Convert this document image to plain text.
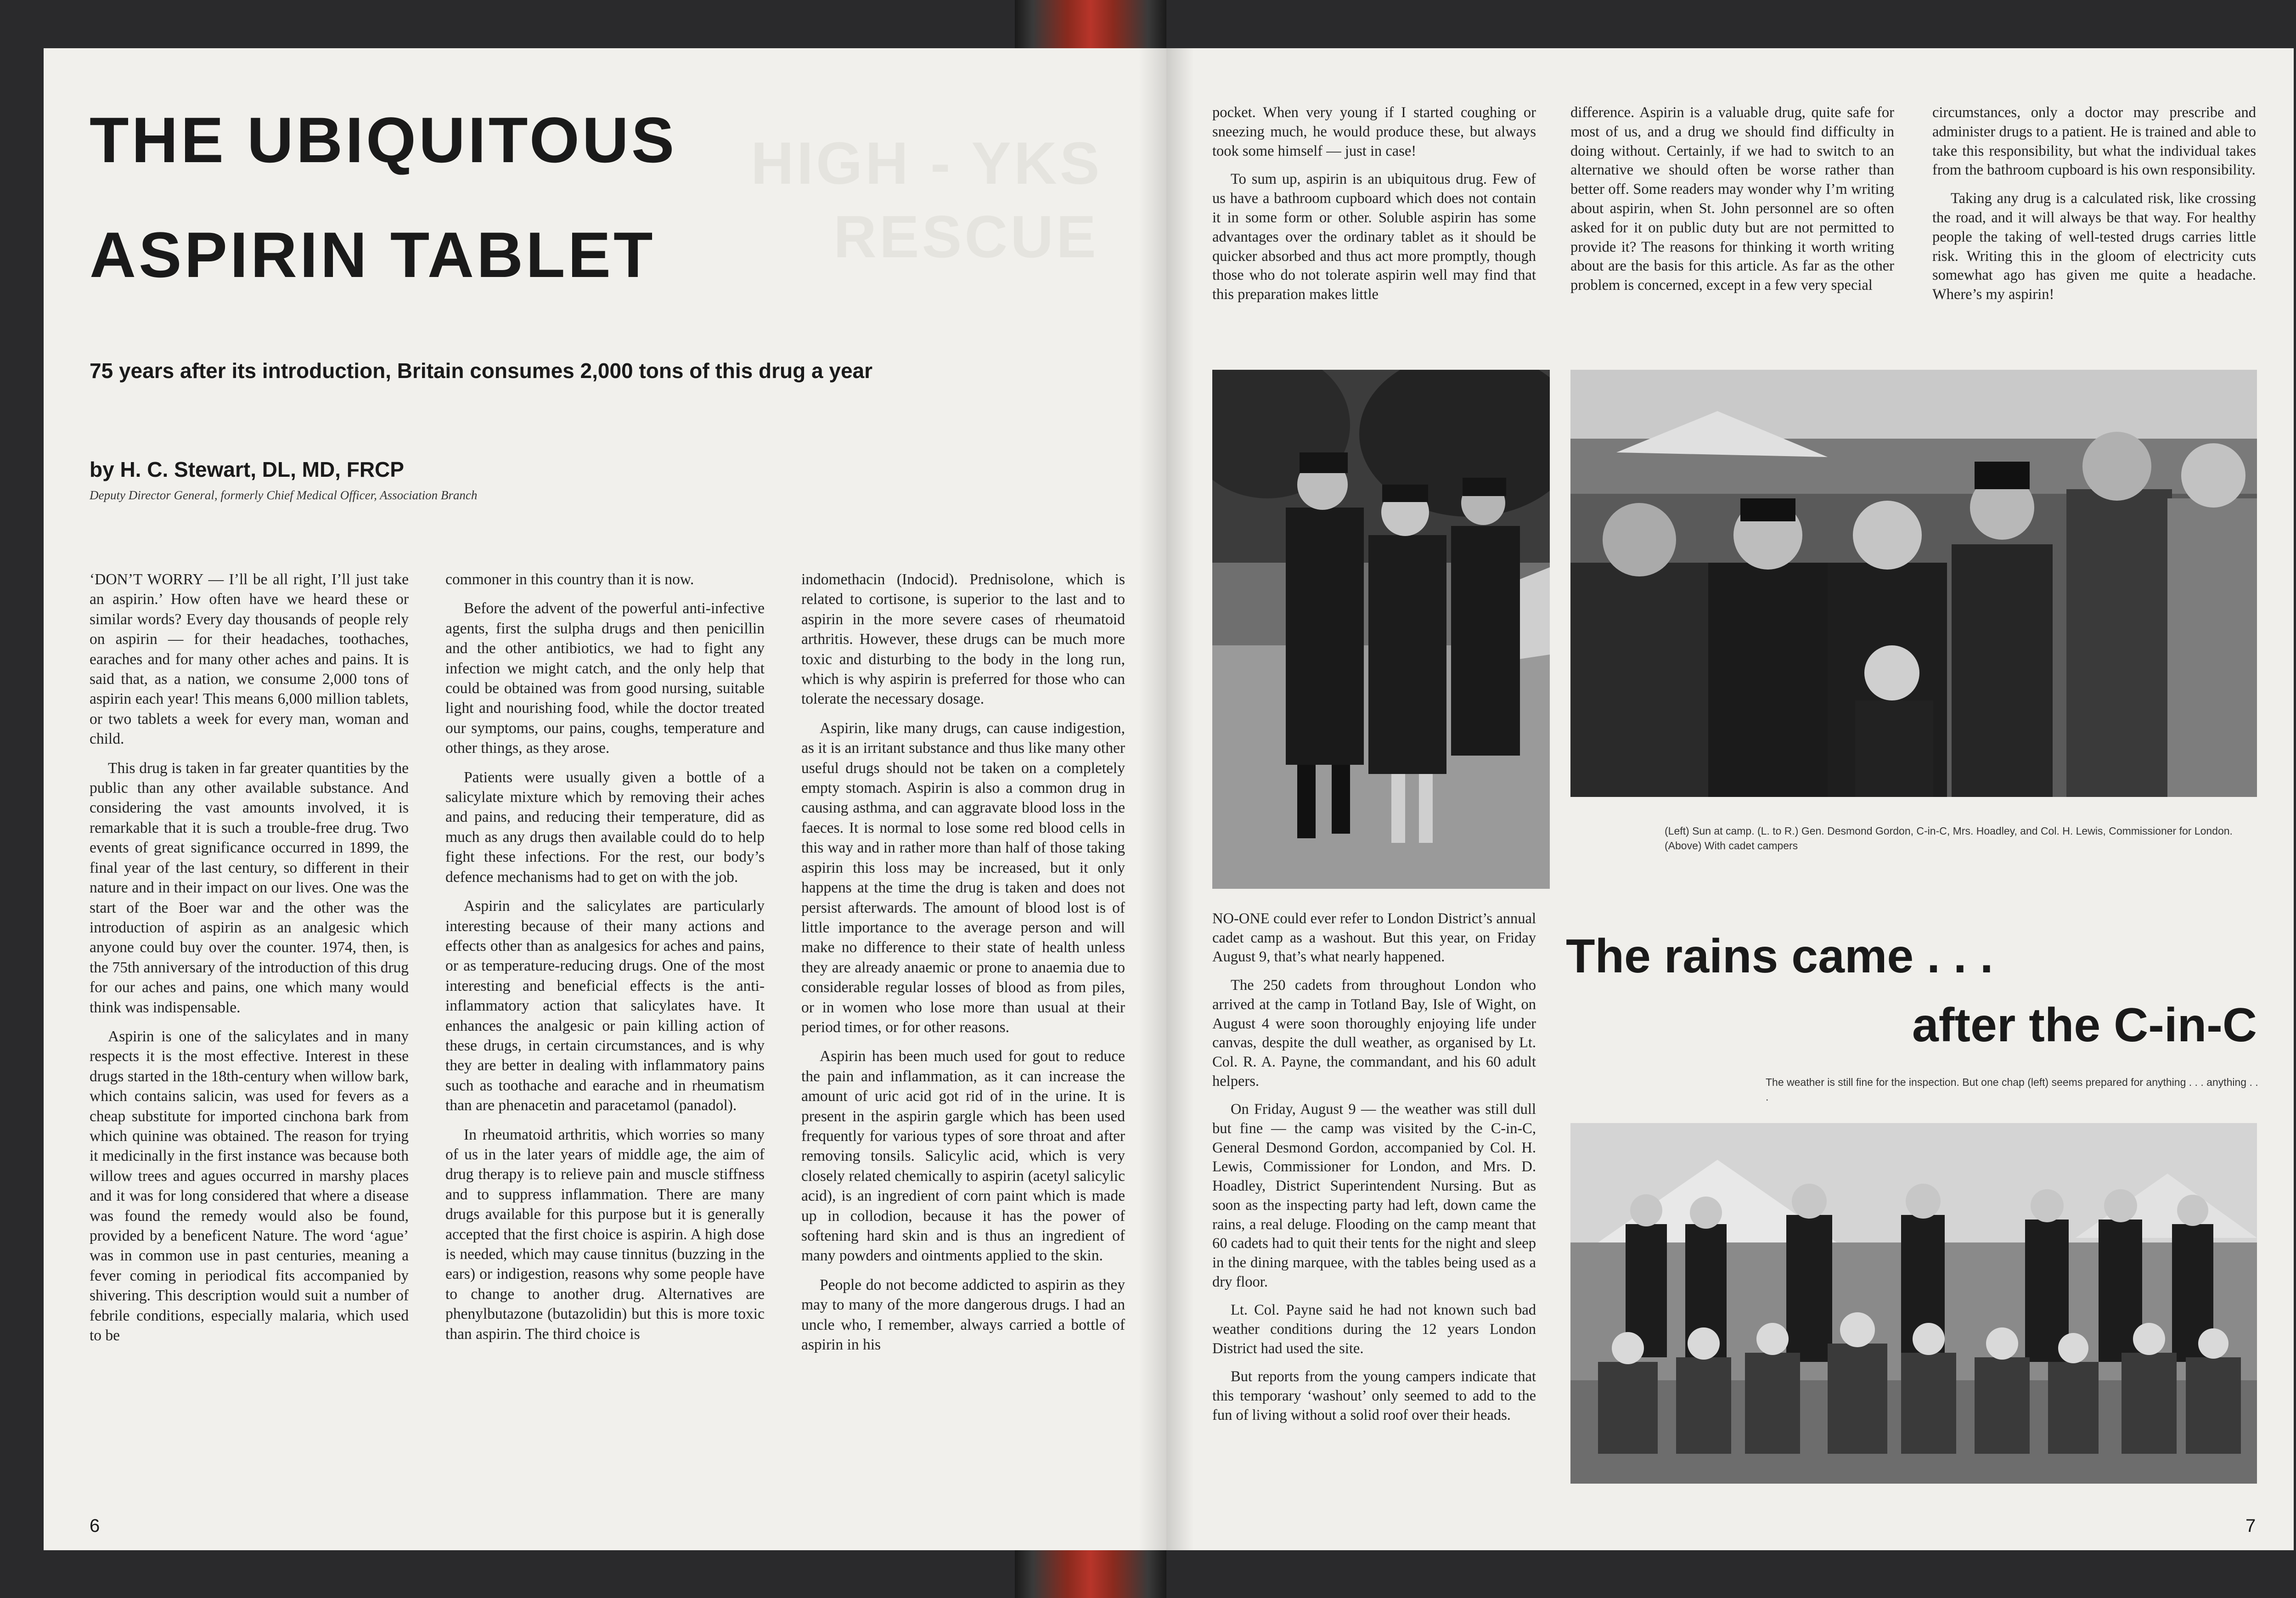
HIGH - YKS
RESCUE
THE UBIQUITOUS
ASPIRIN TABLET
75 years after its introduction, Britain consumes 2,000 tons of this drug a year
by H. C. Stewart, DL, MD, FRCP
Deputy Director General, formerly Chief Medical Officer, Association Branch

‘DON’T WORRY — I’ll be all right, I’ll just take an aspirin.’ How often have we heard these or similar words? Every day thousands of people rely on aspirin — for their headaches, toothaches, earaches and for many other aches and pains. It is said that, as a nation, we consume 2,000 tons of aspirin each year! This means 6,000 million tablets, or two tablets a week for every man, woman and child.

This drug is taken in far greater quantities by the public than any other available substance. And considering the vast amounts involved, it is remarkable that it is such a trouble-free drug. Two events of great significance occurred in 1899, the final year of the last century, so different in their nature and in their impact on our lives. One was the start of the Boer war and the other was the introduction of aspirin as an analgesic which anyone could buy over the counter. 1974, then, is the 75th anniversary of the introduction of this drug for our aches and pains, one which many would think was indispensable.

Aspirin is one of the salicylates and in many respects it is the most effective. Interest in these drugs started in the 18th-century when willow bark, which contains salicin, was used for fevers as a cheap substitute for imported cinchona bark from which quinine was obtained. The reason for trying it medicinally in the first instance was because both willow trees and agues occurred in marshy places and it was for long considered that where a disease was found the remedy would also be found, provided by a beneficent Nature. The word ‘ague’ was in common use in past centuries, meaning a fever coming in periodical fits accompanied by shivering. This description would suit a number of febrile conditions, especially malaria, which used to be

commoner in this country than it is now.

Before the advent of the powerful anti-infective agents, first the sulpha drugs and then penicillin and the other antibiotics, we had to fight any infection we might catch, and the only help that could be obtained was from good nursing, suitable light and nourishing food, while the doctor treated our symptoms, our pains, coughs, temperature and other things, as they arose.

Patients were usually given a bottle of a salicylate mixture which by removing their aches and pains, and reducing their temperature, did as much as any drugs then available could do to help fight these infections. For the rest, our body’s defence mechanisms had to get on with the job.

Aspirin and the salicylates are particularly interesting because of their many actions and effects other than as analgesics for aches and pains, or as temperature-reducing drugs. One of the most interesting and beneficial effects is the anti-inflammatory action that salicylates have. It enhances the analgesic or pain killing action of these drugs, in certain circumstances, and is why they are better in dealing with inflammatory pains such as toothache and earache and in rheumatism than are phenacetin and paracetamol (panadol).

In rheumatoid arthritis, which worries so many of us in the later years of middle age, the aim of drug therapy is to relieve pain and muscle stiffness and to suppress inflammation. There are many drugs available for this purpose but it is generally accepted that the first choice is aspirin. A high dose is needed, which may cause tinnitus (buzzing in the ears) or indigestion, reasons why some people have to change to another drug. Alternatives are phenylbutazone (butazolidin) but this is more toxic than aspirin. The third choice is

indomethacin (Indocid). Prednisolone, which is related to cortisone, is superior to the last and to aspirin in the more severe cases of rheumatoid arthritis. However, these drugs can be much more toxic and disturbing to the body in the long run, which is why aspirin is preferred for those who can tolerate the necessary dosage.

Aspirin, like many drugs, can cause indigestion, as it is an irritant substance and thus like many other useful drugs should not be taken on a completely empty stomach. Aspirin is also a common drug in causing asthma, and can aggravate blood loss in the faeces. It is normal to lose some red blood cells in this way and in rather more than half of those taking aspirin this loss may be increased, but it only happens at the time the drug is taken and does not persist afterwards. The amount of blood lost is of little importance to the average person and will make no difference to their state of health unless they are already anaemic or prone to anaemia due to considerable regular losses of blood as from piles, or in women who lose more than usual at their period times, or for other reasons.

Aspirin has been much used for gout to reduce the pain and inflammation, as it can increase the amount of uric acid got rid of in the urine. It is present in the aspirin gargle which has been used frequently for various types of sore throat and after removing tonsils. Salicylic acid, which is very closely related chemically to aspirin (acetyl salicylic acid), is an ingredient of corn paint which is made up in collodion, because it has the power of softening hard skin and is thus an ingredient of many powders and ointments applied to the skin.

People do not become addicted to aspirin as they may to many of the more dangerous drugs. I had an uncle who, I remember, always carried a bottle of aspirin in his

6

pocket. When very young if I started coughing or sneezing much, he would produce these, but always took some himself — just in case!

To sum up, aspirin is an ubiquitous drug. Few of us have a bathroom cupboard which does not contain it in some form or other. Soluble aspirin has some advantages over the ordinary tablet as it should be quicker absorbed and thus act more promptly, though those who do not tolerate aspirin well may find that this preparation makes little

difference. Aspirin is a valuable drug, quite safe for most of us, and a drug we should find difficulty in doing without. Certainly, if we had to switch to an alternative we should often be worse rather than better off. Some readers may wonder why I’m writing about aspirin, when St. John personnel are so often asked for it on public duty but are not permitted to provide it? The reasons for thinking it worth writing about are the basis for this article. As far as the other problem is concerned, except in a few very special

circumstances, only a doctor may prescribe and administer drugs to a patient. He is trained and able to take this responsibility, but what the individual takes from the bathroom cupboard is his own responsibility.

Taking any drug is a calculated risk, like crossing the road, and it will always be that way. For healthy people the taking of well-tested drugs carries little risk. Writing this in the gloom of electricity cuts somewhat ago has given me quite a headache. Where’s my aspirin!

(Left) Sun at camp. (L. to R.) Gen. Desmond Gordon, C-in-C, Mrs. Hoadley, and Col. H. Lewis, Commissioner for London. (Above) With cadet campers

NO-ONE could ever refer to London District’s annual cadet camp as a washout. But this year, on Friday August 9, that’s what nearly happened.

The 250 cadets from throughout London who arrived at the camp in Totland Bay, Isle of Wight, on August 4 were soon thoroughly enjoying life under canvas, despite the dull weather, as organised by Lt. Col. R. A. Payne, the commandant, and his 60 adult helpers.

On Friday, August 9 — the weather was still dull but fine — the camp was visited by the C-in-C, General Desmond Gordon, accompanied by Col. H. Lewis, Commissioner for London, and Mrs. D. Hoadley, District Superintendent Nursing. But as soon as the inspecting party had left, down came the rains, a real deluge. Flooding on the camp meant that 60 cadets had to quit their tents for the night and sleep in the dining marquee, with the tables being used as a dry floor.

Lt. Col. Payne said he had not known such bad weather conditions during the 12 years London District had used the site.

But reports from the young campers indicate that this temporary ‘washout’ only seemed to add to the fun of living without a solid roof over their heads.

The rains came . . .
after the C-in-C
The weather is still fine for the inspection. But one chap (left) seems prepared for anything . . . anything . . .
7
